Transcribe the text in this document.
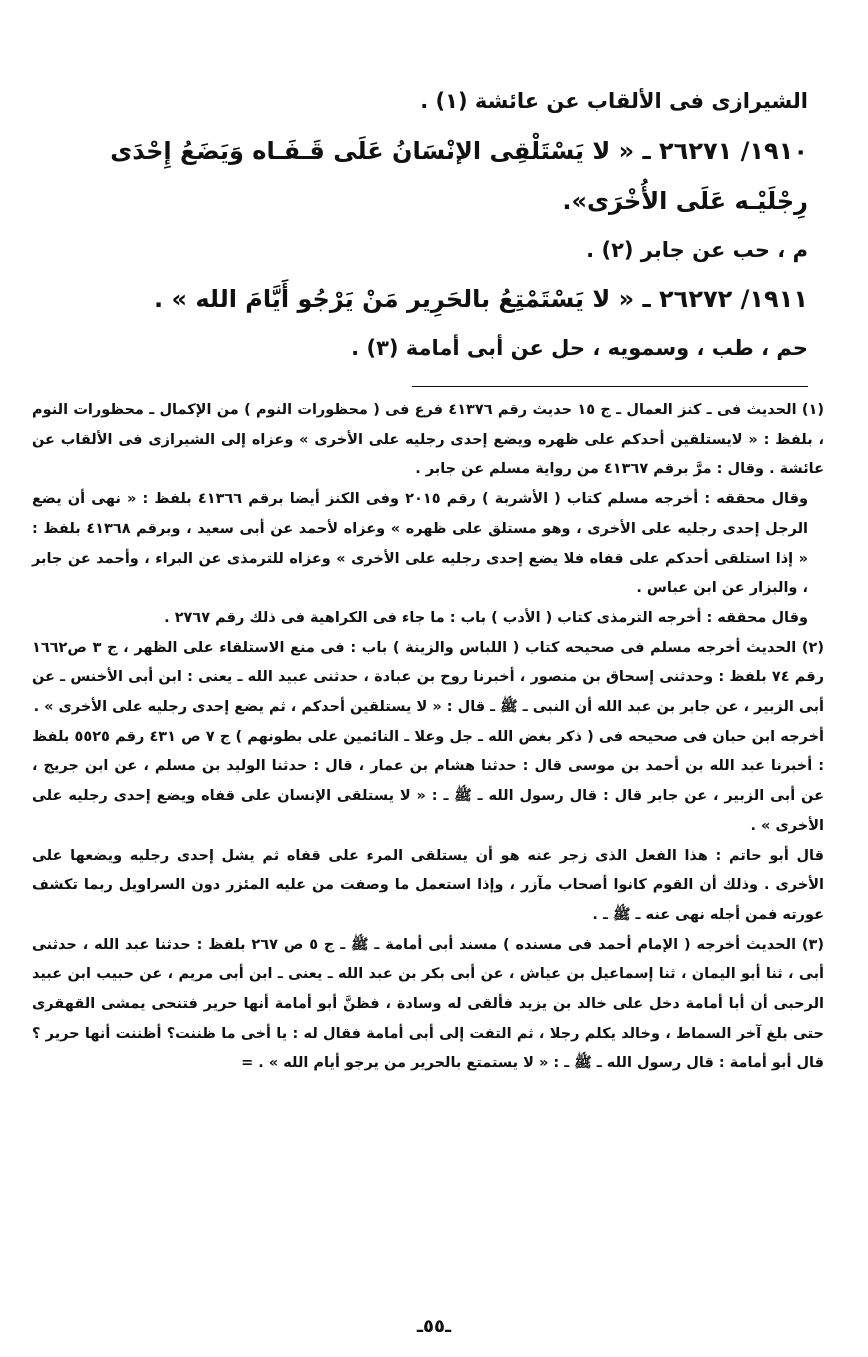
الشيرازى فى الألقاب عن عائشة (١) .

١٩١٠/ ٢٦٢٧١ ـ « لا يَسْتَلْقِى الإنْسَانُ عَلَى قَـفَـاه وَيَضَعُ إِحْدَى رِجْلَيْـه عَلَى الأُخْرَى».

م ، حب عن جابر (٢) .

١٩١١/ ٢٦٢٧٢ ـ « لا يَسْتَمْتِعُ بالحَرِير مَنْ يَرْجُو أَيَّامَ الله » .

حم ، طب ، وسمويه ، حل عن أبى أمامة (٣) .

(١) الحديث فى ـ كنز العمال ـ ج ١٥ حديث رقم ٤١٣٧٦ فرع فى ( محظورات النوم ) من الإكمال ـ محظورات النوم ، بلفظ : « لايستلقين أحدكم على ظهره ويضع إحدى رجليه على الأخرى » وعزاه إلى الشيرازى فى الألقاب عن عائشة . وقال : مرَّ برقم ٤١٣٦٧ من رواية مسلم عن جابر .

وقال محققه : أخرجه مسلم كتاب ( الأشربة ) رقم ٢٠١٥ وفى الكنز أيضا برقم ٤١٣٦٦ بلفظ : « نهى أن يضع الرجل إحدى رجليه على الأخرى ، وهو مستلق على ظهره » وعزاه لأحمد عن أبى سعيد ، وبرقم ٤١٣٦٨ بلفظ : « إذا استلقى أحدكم على قفاه فلا يضع إحدى رجليه على الأخرى » وعزاه للترمذى عن البراء ، وأحمد عن جابر ، والبزار عن ابن عباس .

وقال محققه : أخرجه الترمذى كتاب ( الأدب ) باب : ما جاء فى الكراهية فى ذلك رقم ٢٧٦٧ .

(٢) الحديث أخرجه مسلم فى صحيحه كتاب ( اللباس والزينة ) باب : فى منع الاستلقاء على الظهر ، ج ٣ ص١٦٦٢ رقم ٧٤ بلفظ : وحدثنى إسحاق بن منصور ، أخبرنا روح بن عبادة ، حدثنى عبيد الله ـ يعنى : ابن أبى الأخنس ـ عن أبى الزبير ، عن جابر بن عبد الله أن النبى ـ ﷺ ـ قال : « لا يستلقين أحدكم ، ثم يضع إحدى رجليه على الأخرى » .

أخرجه ابن حبان فى صحيحه فى ( ذكر بغض الله ـ جل وعلا ـ النائمين على بطونهم ) ج ٧ ص ٤٣١ رقم ٥٥٢٥ بلفظ : أخبرنا عبد الله بن أحمد بن موسى قال : حدثنا هشام بن عمار ، قال : حدثنا الوليد بن مسلم ، عن ابن جريج ، عن أبى الزبير ، عن جابر قال : قال رسول الله ـ ﷺ ـ : « لا يستلقى الإنسان على قفاه ويضع إحدى رجليه على الأخرى » .

قال أبو حاتم : هذا الفعل الذى زجر عنه هو أن يستلقى المرء على قفاه ثم يشل إحدى رجليه ويضعها على الأخرى . وذلك أن القوم كانوا أصحاب مآزر ، وإذا استعمل ما وصفت من عليه المئزر دون السراويل ربما تكشف عورته فمن أجله نهى عنه ـ ﷺ ـ .

(٣) الحديث أخرجه ( الإمام أحمد فى مسنده ) مسند أبى أمامة ـ ﷺ ـ ج ٥ ص ٢٦٧ بلفظ : حدثنا عبد الله ، حدثنى أبى ، ثنا أبو اليمان ، ثنا إسماعيل بن عياش ، عن أبى بكر بن عبد الله ـ يعنى ـ ابن أبى مريم ، عن حبيب ابن عبيد الرحبى أن أبا أمامة دخل على خالد بن يزيد فألقى له وسادة ، فظنَّ أبو أمامة أنها حرير فتنحى يمشى القهقرى حتى بلغ آخر السماط ، وخالد يكلم رجلا ، ثم التفت إلى أبى أمامة فقال له : يا أخى ما ظننت؟ أظننت أنها حرير ؟ قال أبو أمامة : قال رسول الله ـ ﷺ ـ : « لا يستمتع بالحرير من يرجو أيام الله » . =

ـ٥٥ـ
